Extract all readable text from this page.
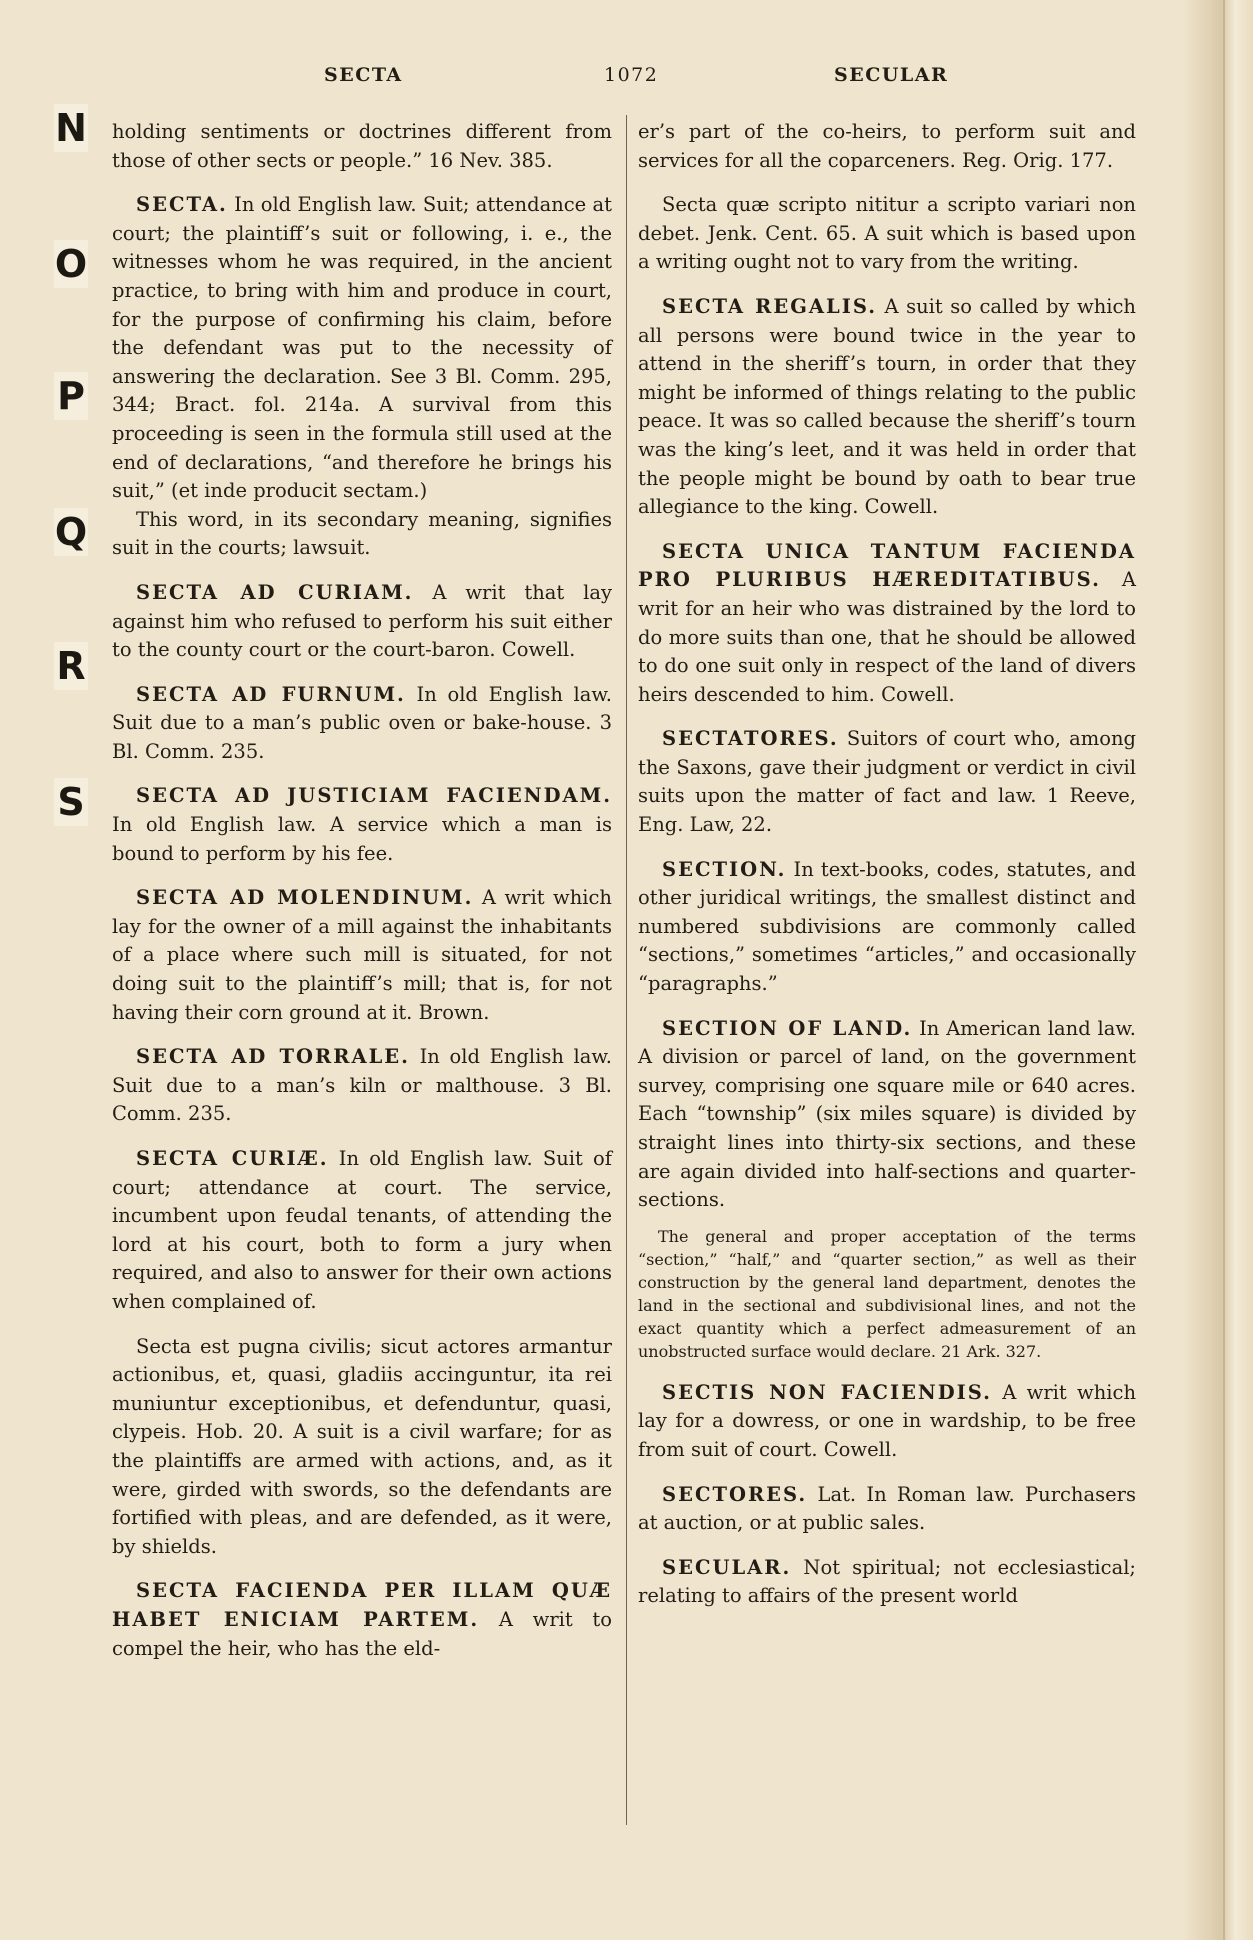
SECTA	1072	SECULAR
N
O
P
Q
R
S

holding sentiments or doctrines different from those of other sects or people.” 16 Nev. 385.

SECTA. In old English law. Suit; attendance at court; the plaintiff’s suit or following, i. e., the witnesses whom he was required, in the ancient practice, to bring with him and produce in court, for the purpose of confirming his claim, before the defendant was put to the necessity of answering the declaration. See 3 Bl. Comm. 295, 344; Bract. fol. 214a. A survival from this proceeding is seen in the formula still used at the end of declarations, “and therefore he brings his suit,” (et inde producit sectam.)

This word, in its secondary meaning, signifies suit in the courts; lawsuit.

SECTA AD CURIAM. A writ that lay against him who refused to perform his suit either to the county court or the court-baron. Cowell.

SECTA AD FURNUM. In old English law. Suit due to a man’s public oven or bake-house. 3 Bl. Comm. 235.

SECTA AD JUSTICIAM FACIENDAM. In old English law. A service which a man is bound to perform by his fee.

SECTA AD MOLENDINUM. A writ which lay for the owner of a mill against the inhabitants of a place where such mill is situated, for not doing suit to the plaintiff’s mill; that is, for not having their corn ground at it. Brown.

SECTA AD TORRALE. In old English law. Suit due to a man’s kiln or malthouse. 3 Bl. Comm. 235.

SECTA CURIÆ. In old English law. Suit of court; attendance at court. The service, incumbent upon feudal tenants, of attending the lord at his court, both to form a jury when required, and also to answer for their own actions when complained of.

Secta est pugna civilis; sicut actores armantur actionibus, et, quasi, gladiis accinguntur, ita rei muniuntur exceptionibus, et defenduntur, quasi, clypeis. Hob. 20. A suit is a civil warfare; for as the plaintiffs are armed with actions, and, as it were, girded with swords, so the defendants are fortified with pleas, and are defended, as it were, by shields.

SECTA FACIENDA PER ILLAM QUÆ HABET ENICIAM PARTEM. A writ to compel the heir, who has the eld-

er’s part of the co-heirs, to perform suit and services for all the coparceners. Reg. Orig. 177.

Secta quæ scripto nititur a scripto variari non debet. Jenk. Cent. 65. A suit which is based upon a writing ought not to vary from the writing.

SECTA REGALIS. A suit so called by which all persons were bound twice in the year to attend in the sheriff’s tourn, in order that they might be informed of things relating to the public peace. It was so called because the sheriff’s tourn was the king’s leet, and it was held in order that the people might be bound by oath to bear true allegiance to the king. Cowell.

SECTA UNICA TANTUM FACIENDA PRO PLURIBUS HÆREDITATIBUS. A writ for an heir who was distrained by the lord to do more suits than one, that he should be allowed to do one suit only in respect of the land of divers heirs descended to him. Cowell.

SECTATORES. Suitors of court who, among the Saxons, gave their judgment or verdict in civil suits upon the matter of fact and law. 1 Reeve, Eng. Law, 22.

SECTION. In text-books, codes, statutes, and other juridical writings, the smallest distinct and numbered subdivisions are commonly called “sections,” sometimes “articles,” and occasionally “paragraphs.”

SECTION OF LAND. In American land law. A division or parcel of land, on the government survey, comprising one square mile or 640 acres. Each “township” (six miles square) is divided by straight lines into thirty-six sections, and these are again divided into half-sections and quarter-sections.

The general and proper acceptation of the terms “section,” “half,” and “quarter section,” as well as their construction by the general land department, denotes the land in the sectional and subdivisional lines, and not the exact quantity which a perfect admeasurement of an unobstructed surface would declare. 21 Ark. 327.

SECTIS NON FACIENDIS. A writ which lay for a dowress, or one in wardship, to be free from suit of court. Cowell.

SECTORES. Lat. In Roman law. Purchasers at auction, or at public sales.

SECULAR. Not spiritual; not ecclesiastical; relating to affairs of the present world
